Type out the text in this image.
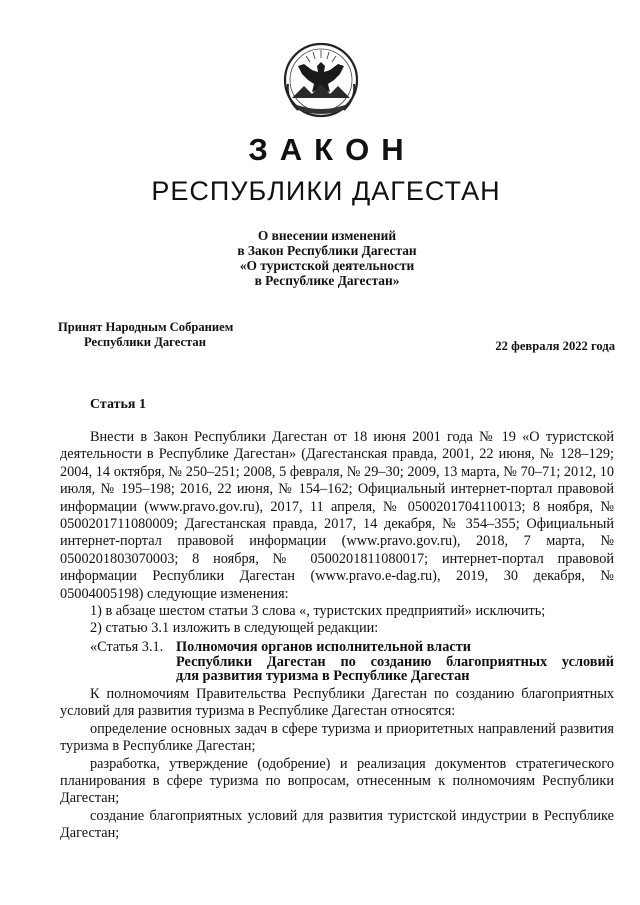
ЗАКОН
РЕСПУБЛИКИ ДАГЕСТАН
О внесении изменений
в Закон Республики Дагестан
«О туристской деятельности
в Республике Дагестан»
Принят Народным Собранием
Республики Дагестан	22 февраля 2022 года
Статья 1

Внести в Закон Республики Дагестан от 18 июня 2001 года № 19 «О туристской деятельности в Республике Дагестан» (Дагестанская правда, 2001, 22 июня, № 128–129; 2004, 14 октября, № 250–251; 2008, 5 февраля, № 29–30; 2009, 13 марта, № 70–71; 2012, 10 июля, № 195–198; 2016, 22 июня, № 154–162; Официальный интернет-портал правовой информации (www.pravo.gov.ru), 2017, 11 апреля, № 0500201704110013; 8 ноября, № 0500201711080009; Дагестанская правда, 2017, 14 декабря, № 354–355; Официальный интернет-портал правовой информации (www.pravo.gov.ru), 2018, 7 марта, № 0500201803070003; 8 ноября, № 0500201811080017; интернет-портал правовой информации Республики Дагестан (www.pravo.e-dag.ru), 2019, 30 декабря, № 05004005198) следующие изменения:

1) в абзаце шестом статьи 3 слова «, туристских предприятий» исключить;

2) статью 3.1 изложить в следующей редакции:

«Статья 3.1. Полномочия органов исполнительной власти
Республики Дагестан по созданию благоприятных условий
для развития туризма в Республике Дагестан

К полномочиям Правительства Республики Дагестан по созданию благоприятных условий для развития туризма в Республике Дагестан относятся:

определение основных задач в сфере туризма и приоритетных направлений развития туризма в Республике Дагестан;

разработка, утверждение (одобрение) и реализация документов стратегического планирования в сфере туризма по вопросам, отнесенным к полномочиям Республики Дагестан;

создание благоприятных условий для развития туристской индустрии в Республике Дагестан;
